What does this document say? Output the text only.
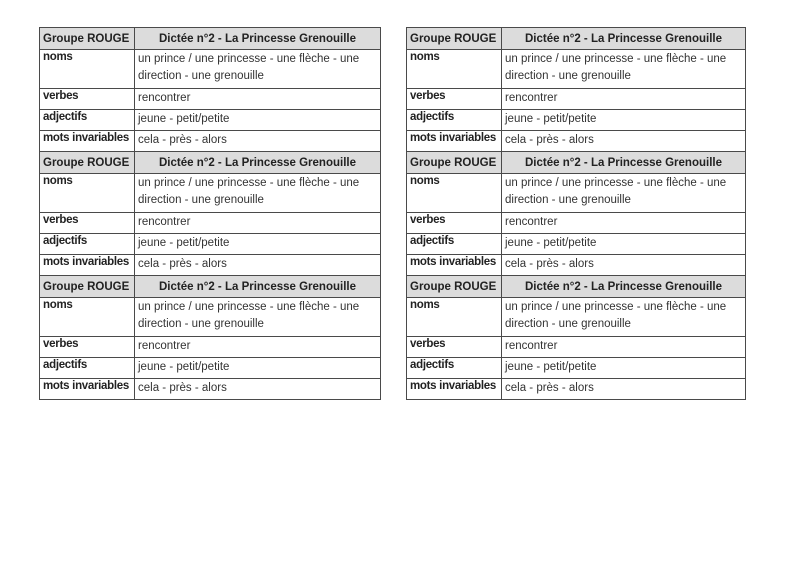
Groupe ROUGE	Dictée n°2 - La Princesse Grenouille
noms	un prince / une princesse - une flèche - une direction - une grenouille
verbes	rencontrer
adjectifs	jeune - petit/petite
mots invariables	cela - près - alors
Groupe ROUGE	Dictée n°2 - La Princesse Grenouille
noms	un prince / une princesse - une flèche - une direction - une grenouille
verbes	rencontrer
adjectifs	jeune - petit/petite
mots invariables	cela - près - alors
Groupe ROUGE	Dictée n°2 - La Princesse Grenouille
noms	un prince / une princesse - une flèche - une direction - une grenouille
verbes	rencontrer
adjectifs	jeune - petit/petite
mots invariables	cela - près - alors
Groupe ROUGE	Dictée n°2 - La Princesse Grenouille
noms	un prince / une princesse - une flèche - une direction - une grenouille
verbes	rencontrer
adjectifs	jeune - petit/petite
mots invariables	cela - près - alors
Groupe ROUGE	Dictée n°2 - La Princesse Grenouille
noms	un prince / une princesse - une flèche - une direction - une grenouille
verbes	rencontrer
adjectifs	jeune - petit/petite
mots invariables	cela - près - alors
Groupe ROUGE	Dictée n°2 - La Princesse Grenouille
noms	un prince / une princesse - une flèche - une direction - une grenouille
verbes	rencontrer
adjectifs	jeune - petit/petite
mots invariables	cela - près - alors
